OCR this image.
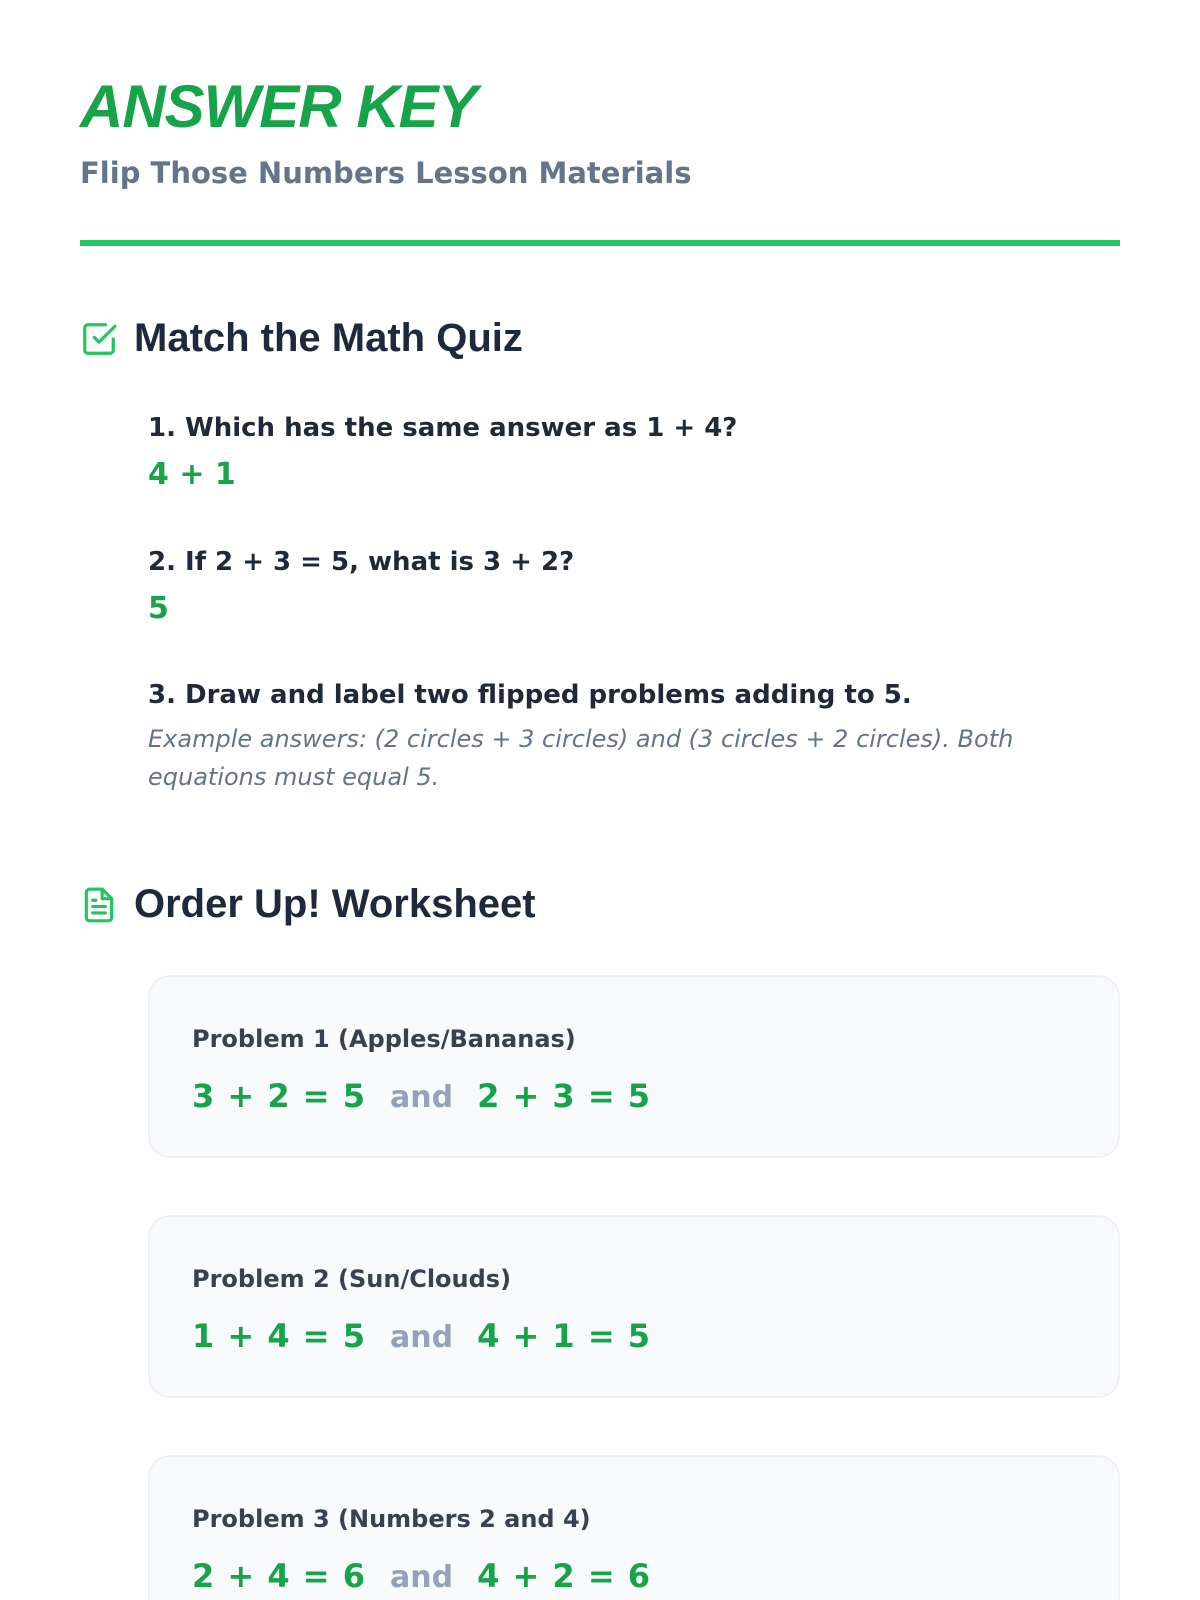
ANSWER KEY
Flip Those Numbers Lesson Materials
Match the Math Quiz

1. Which has the same answer as 1 + 4?

4 + 1

2. If 2 + 3 = 5, what is 3 + 2?

5

3. Draw and label two flipped problems adding to 5.

Example answers: (2 circles + 3 circles) and (3 circles + 2 circles). Both equations must equal 5.

Order Up! Worksheet

Problem 1 (Apples/Bananas)

3 + 2 = 5 and 2 + 3 = 5

Problem 2 (Sun/Clouds)

1 + 4 = 5 and 4 + 1 = 5

Problem 3 (Numbers 2 and 4)

2 + 4 = 6 and 4 + 2 = 6
